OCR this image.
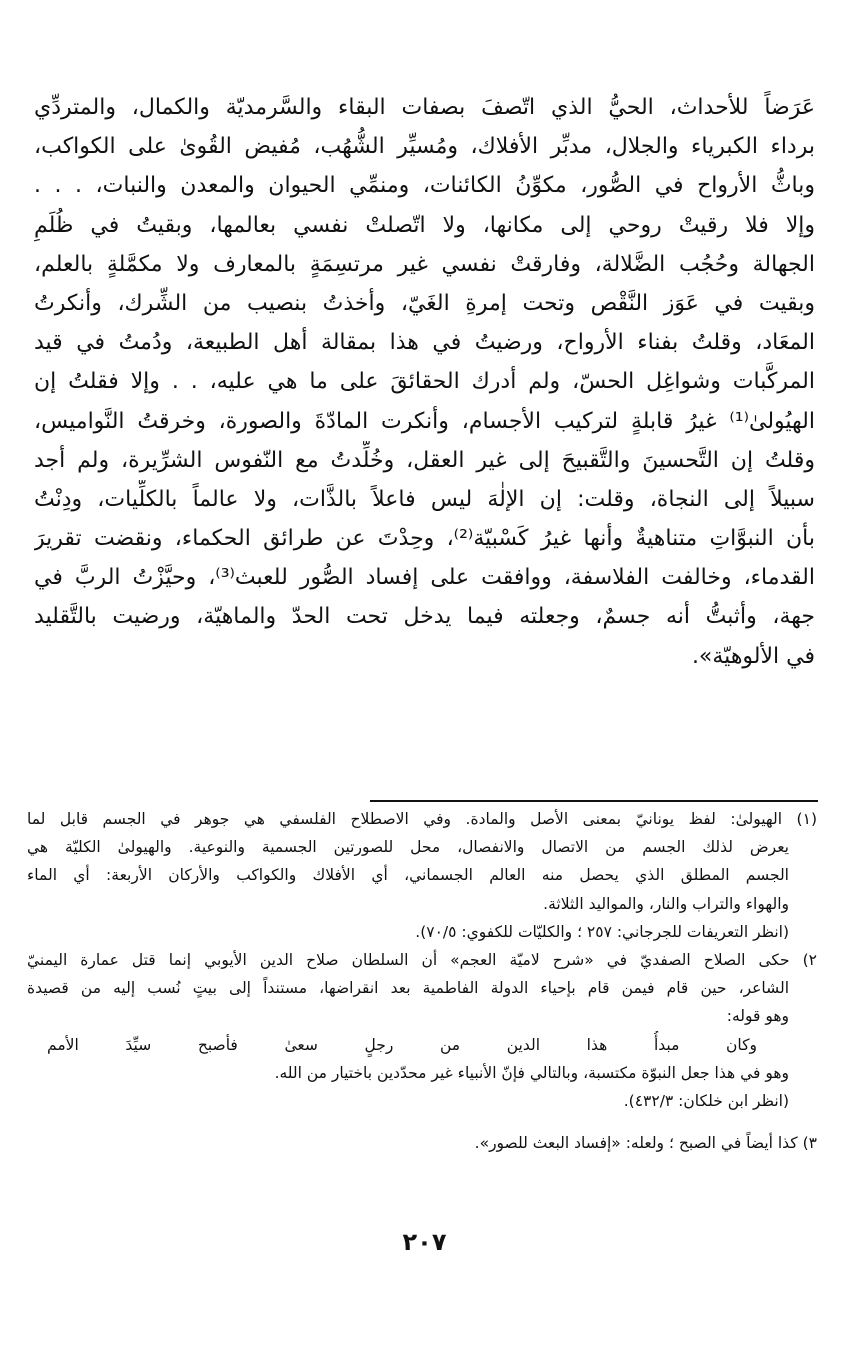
عَرَضاً للأحداث، الحيُّ الذي اتّصفَ بصفات البقاء والسَّرمديّة والكمال، والمتردِّي
برداء الكبرياء والجلال، مدبِّر الأفلاك، ومُسيِّر الشُّهُب، مُفيض القُوىٰ على الكواكب،
وباثُّ الأرواح في الصُّور، مكوِّنُ الكائنات، ومنمِّي الحيوان والمعدن والنبات، . . .
وإلا فلا رقيتْ روحي إلى مكانها، ولا اتّصلتْ نفسي بعالمها، وبقيتُ في ظُلَمِ
الجهالة وحُجُب الضَّلالة، وفارقتْ نفسي غير مرتسِمَةٍ بالمعارف ولا مكمَّلةٍ بالعلم،
وبقيت في عَوَز النَّقْص وتحت إمرةِ الغَيّ، وأخذتُ بنصيب من الشِّرك، وأنكرتُ
المعَاد، وقلتُ بفناء الأرواح، ورضيتُ في هذا بمقالة أهل الطبيعة، ودُمتُ في قيد
المركَّبات وشواغِل الحسّ، ولم أدرك الحقائقَ على ما هي عليه، . . وإلا فقلتُ إن
الهيُولىٰ⁽¹⁾ غيرُ قابلةٍ لتركيب الأجسام، وأنكرت المادّةَ والصورة، وخرقتُ النَّواميس،
وقلتُ إن التَّحسينَ والتَّقبيحَ إلى غير العقل، وخُلِّدتُ مع النّفوس الشرِّيرة، ولم أجد
سبيلاً إلى النجاة، وقلت: إن الإلٰهَ ليس فاعلاً بالذَّات، ولا عالماً بالكلِّيات، ودِنْتُ
بأن النبوَّاتِ متناهيةٌ وأنها غيرُ كَسْبيّة⁽²⁾، وحِدْتَ عن طرائق الحكماء، ونقضت تقريرَ
القدماء، وخالفت الفلاسفة، ووافقت على إفساد الصُّور للعبث⁽³⁾، وحيَّزْتُ الربَّ في
جهة، وأثبتُّ أنه جسمٌ، وجعلته فيما يدخل تحت الحدّ والماهيّة، ورضيت بالتَّقليد
في الألوهيّة».
(١) الهيولىٰ: لفظ يونانيّ بمعنى الأصل والمادة. وفي الاصطلاح الفلسفي هي جوهر في الجسم قابل لما
يعرض لذلك الجسم من الاتصال والانفصال، محل للصورتين الجسمية والنوعية. والهيولىٰ الكليّة هي
الجسم المطلق الذي يحصل منه العالم الجسماني، أي الأفلاك والكواكب والأركان الأربعة: أي الماء
والهواء والتراب والنار، والمواليد الثلاثة.
(انظر التعريفات للجرجاني: ٢٥٧ ؛ والكليّات للكفوي: ٧٠/٥).
٢) حكى الصلاح الصفديّ في «شرح لاميّة العجم» أن السلطان صلاح الدين الأيوبي إنما قتل عمارة اليمنيّ
الشاعر، حين قام فيمن قام بإحياء الدولة الفاطمية بعد انقراضها، مستنداً إلى بيتٍ نُسب إليه من قصيدة
وهو قوله:
وكان مبدأُ هذا الدين من رجلٍ سعىٰ فأصبح سيِّدَ الأمم
وهو في هذا جعل النبوّة مكتسبة، وبالتالي فإنّ الأنبياء غير محدّدين باختيار من الله.
(انظر ابن خلكان: ٤٣٢/٣).
٣) كذا أيضاً في الصبح ؛ ولعله: «إفساد البعث للصور».
٢٠٧
